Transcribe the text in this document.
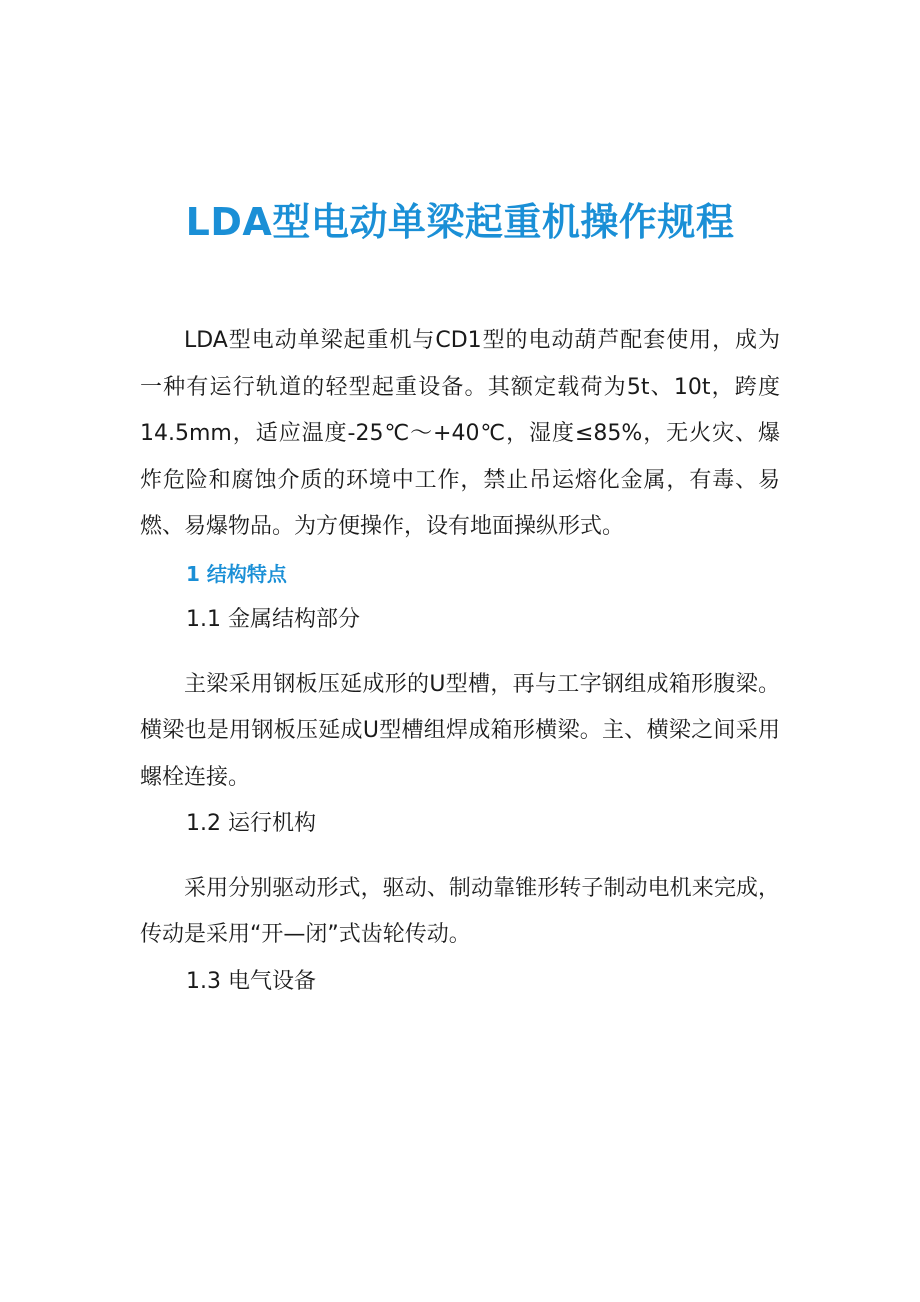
LDA型电动单梁起重机操作规程

LDA型电动单梁起重机与CD1型的电动葫芦配套使用，成为一种有运行轨道的轻型起重设备。其额定载荷为5t、10t，跨度14.5mm，适应温度-25℃～+40℃，湿度≤85%，无火灾、爆炸危险和腐蚀介质的环境中工作，禁止吊运熔化金属，有毒、易燃、易爆物品。为方便操作，设有地面操纵形式。

1 结构特点

1.1 金属结构部分

主梁采用钢板压延成形的U型槽，再与工字钢组成箱形腹梁。横梁也是用钢板压延成U型槽组焊成箱形横梁。主、横梁之间采用螺栓连接。

1.2 运行机构

采用分别驱动形式，驱动、制动靠锥形转子制动电机来完成，传动是采用“开—闭”式齿轮传动。

1.3 电气设备
